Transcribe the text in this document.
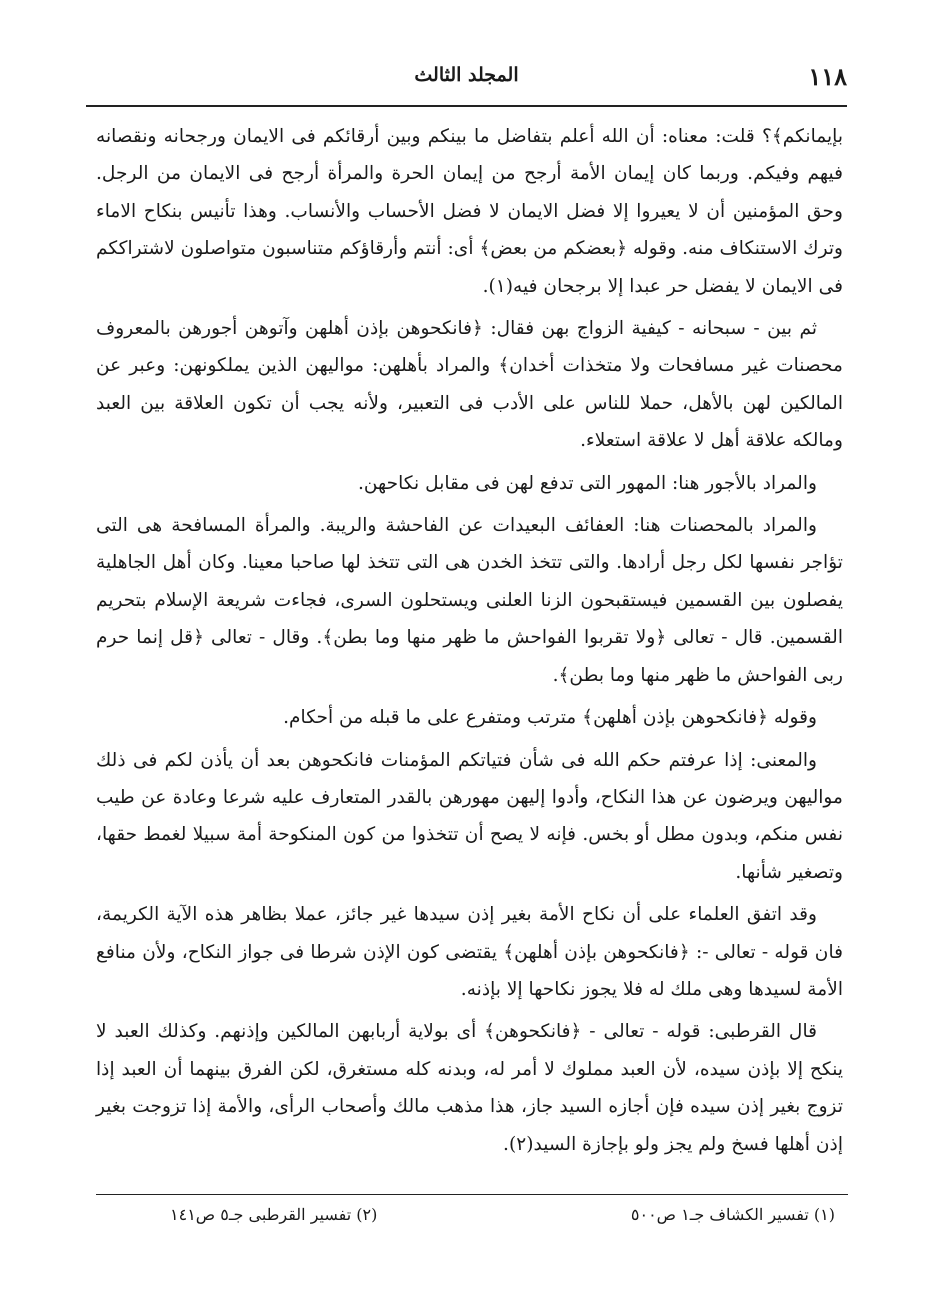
١١٨
المجلد الثالث

بإيمانكم﴾؟ قلت: معناه: أن الله أعلم بتفاضل ما بينكم وبين أرقائكم فى الايمان ورجحانه ونقصانه فيهم وفيكم. وربما كان إيمان الأمة أرجح من إيمان الحرة والمرأة أرجح فى الايمان من الرجل. وحق المؤمنين أن لا يعيروا إلا فضل الايمان لا فضل الأحساب والأنساب. وهذا تأنيس بنكاح الاماء وترك الاستنكاف منه. وقوله ﴿بعضكم من بعض﴾ أى: أنتم وأرقاؤكم متناسبون متواصلون لاشتراككم فى الايمان لا يفضل حر عبدا إلا برجحان فيه(١).

ثم بين - سبحانه - كيفية الزواج بهن فقال: ﴿فانكحوهن بإذن أهلهن وآتوهن أجورهن بالمعروف محصنات غير مسافحات ولا متخذات أخدان﴾ والمراد بأهلهن: مواليهن الذين يملكونهن: وعبر عن المالكين لهن بالأهل، حملا للناس على الأدب فى التعبير، ولأنه يجب أن تكون العلاقة بين العبد ومالكه علاقة أهل لا علاقة استعلاء.

والمراد بالأجور هنا: المهور التى تدفع لهن فى مقابل نكاحهن.

والمراد بالمحصنات هنا: العفائف البعيدات عن الفاحشة والريبة. والمرأة المسافحة هى التى تؤاجر نفسها لكل رجل أرادها. والتى تتخذ الخدن هى التى تتخذ لها صاحبا معينا. وكان أهل الجاهلية يفصلون بين القسمين فيستقبحون الزنا العلنى ويستحلون السرى، فجاءت شريعة الإسلام بتحريم القسمين. قال - تعالى ﴿ولا تقربوا الفواحش ما ظهر منها وما بطن﴾. وقال - تعالى ﴿قل إنما حرم ربى الفواحش ما ظهر منها وما بطن﴾.

وقوله ﴿فانكحوهن بإذن أهلهن﴾ مترتب ومتفرع على ما قبله من أحكام.

والمعنى: إذا عرفتم حكم الله فى شأن فتياتكم المؤمنات فانكحوهن بعد أن يأذن لكم فى ذلك مواليهن ويرضون عن هذا النكاح، وأدوا إليهن مهورهن بالقدر المتعارف عليه شرعا وعادة عن طيب نفس منكم، وبدون مطل أو بخس. فإنه لا يصح أن تتخذوا من كون المنكوحة أمة سبيلا لغمط حقها، وتصغير شأنها.

وقد اتفق العلماء على أن نكاح الأمة بغير إذن سيدها غير جائز، عملا بظاهر هذه الآية الكريمة، فان قوله - تعالى -: ﴿فانكحوهن بإذن أهلهن﴾ يقتضى كون الإذن شرطا فى جواز النكاح، ولأن منافع الأمة لسيدها وهى ملك له فلا يجوز نكاحها إلا بإذنه.

قال القرطبى: قوله - تعالى - ﴿فانكحوهن﴾ أى بولاية أربابهن المالكين وإذنهم. وكذلك العبد لا ينكح إلا بإذن سيده، لأن العبد مملوك لا أمر له، وبدنه كله مستغرق، لكن الفرق بينهما أن العبد إذا تزوج بغير إذن سيده فإن أجازه السيد جاز، هذا مذهب مالك وأصحاب الرأى، والأمة إذا تزوجت بغير إذن أهلها فسخ ولم يجز ولو بإجازة السيد(٢).

(١) تفسير الكشاف جـ١ ص٥٠٠
(٢) تفسير القرطبى جـ٥ ص١٤١
